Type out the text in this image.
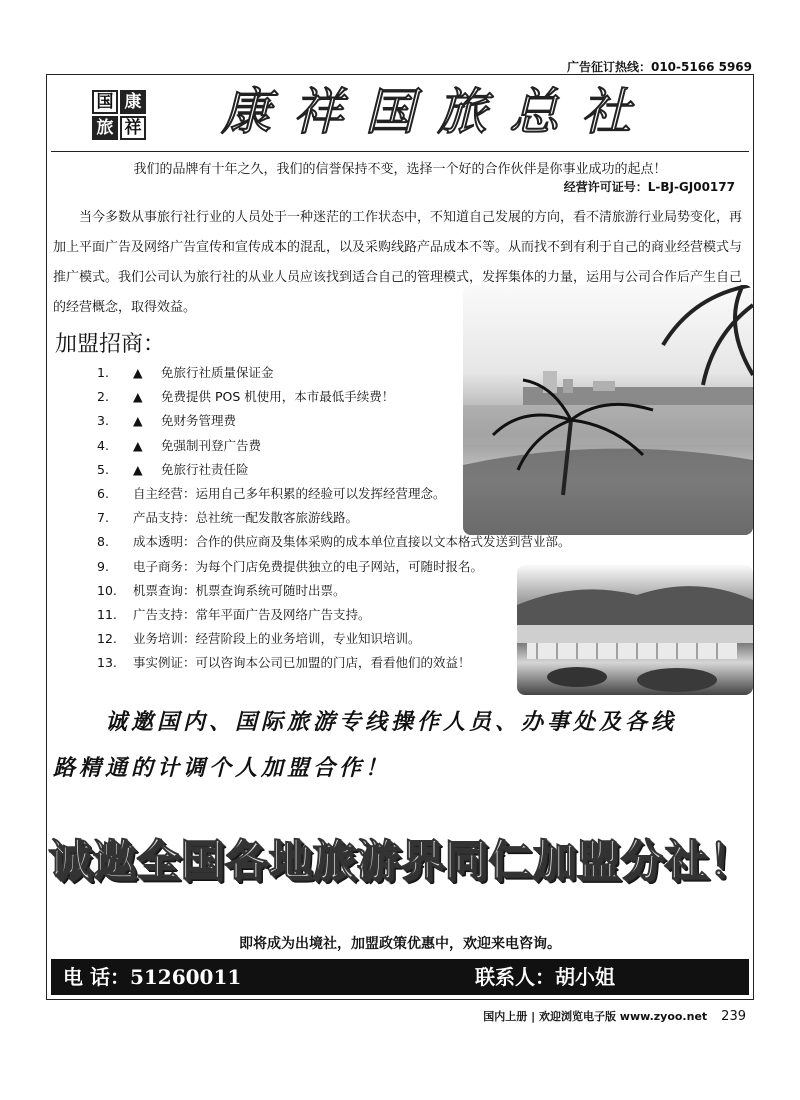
广告征订热线：010-5166 5969
国 康
旅 祥	康祥国旅总社
我们的品牌有十年之久，我们的信誉保持不变，选择一个好的合作伙伴是你事业成功的起点！
经营许可证号：L-BJ-GJ00177
当今多数从事旅行社行业的人员处于一种迷茫的工作状态中，不知道自己发展的方向，看不清旅游行业局势变化，再加上平面广告及网络广告宣传和宣传成本的混乱，以及采购线路产品成本不等。从而找不到有利于自己的商业经营模式与推广模式。我们公司认为旅行社的从业人员应该找到适合自己的管理模式，发挥集体的力量，运用与公司合作后产生自己的经营概念，取得效益。
加盟招商：
1. ▲ 免旅行社质量保证金
2. ▲ 免费提供 POS 机使用，本市最低手续费！
3. ▲ 免财务管理费
4. ▲ 免强制刊登广告费
5. ▲ 免旅行社责任险
6. 自主经营：运用自己多年积累的经验可以发挥经营理念。
7. 产品支持：总社统一配发散客旅游线路。
8. 成本透明：合作的供应商及集体采购的成本单位直接以文本格式发送到营业部。
9. 电子商务：为每个门店免费提供独立的电子网站，可随时报名。
10. 机票查询：机票查询系统可随时出票。
11. 广告支持：常年平面广告及网络广告支持。
12. 业务培训：经营阶段上的业务培训，专业知识培训。
13. 事实例证：可以咨询本公司已加盟的门店，看看他们的效益！
诚邀国内、国际旅游专线操作人员、办事处及各线
路精通的计调个人加盟合作！
诚邀全国各地旅游界同仁加盟分社！
即将成为出境社，加盟政策优惠中，欢迎来电咨询。
电 话：51260011	联系人：胡小姐
国内上册 | 欢迎浏览电子版 www.zyoo.net 239
